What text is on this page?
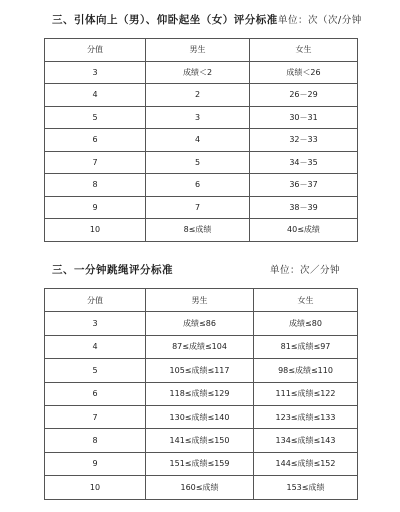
三、引体向上（男）、仰卧起坐（女）评分标准 单位：次（次/分钟
分值	男生	女生
3	成绩＜2	成绩＜26
4	2	26－29
5	3	30－31
6	4	32－33
7	5	34－35
8	6	36－37
9	7	38－39
10	8≤成绩	40≤成绩
三、一分钟跳绳评分标准	单位：次／分钟
分值	男生	女生
3	成绩≤86	成绩≤80
4	87≤成绩≤104	81≤成绩≤97
5	105≤成绩≤117	98≤成绩≤110
6	118≤成绩≤129	111≤成绩≤122
7	130≤成绩≤140	123≤成绩≤133
8	141≤成绩≤150	134≤成绩≤143
9	151≤成绩≤159	144≤成绩≤152
10	160≤成绩	153≤成绩
